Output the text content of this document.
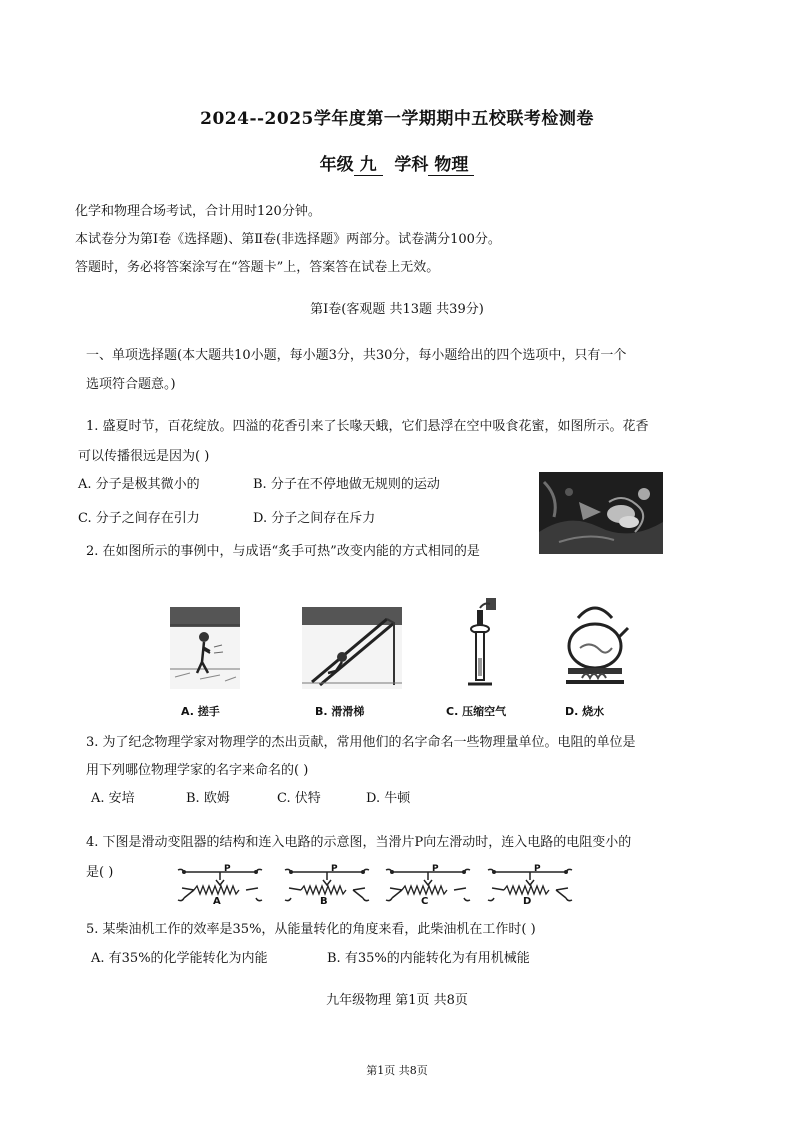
2024--2025学年度第一学期期中五校联考检测卷
年级 九 学科 物理
化学和物理合场考试，合计用时120分钟。
本试卷分为第Ⅰ卷《选择题)、第Ⅱ卷(非选择题》两部分。试卷满分100分。
答题时，务必将答案涂写在“答题卡”上，答案答在试卷上无效。
第Ⅰ卷(客观题 共13题 共39分)
一、单项选择题(本大题共10小题，每小题3分，共30分，每小题给出的四个选项中，只有一个
选项符合题意。)
1. 盛夏时节，百花绽放。四溢的花香引来了长喙天蛾，它们悬浮在空中吸食花蜜，如图所示。花香
可以传播很远是因为( )
A. 分子是极其微小的	B. 分子在不停地做无规则的运动
C. 分子之间存在引力	D. 分子之间存在斥力
2. 在如图所示的事例中，与成语“炙手可热”改变内能的方式相同的是
A. 搓手	B. 滑滑梯	C. 压缩空气	D. 烧水
3. 为了纪念物理学家对物理学的杰出贡献，常用他们的名字命名一些物理量单位。电阻的单位是
用下列哪位物理学家的名字来命名的( )
A. 安培	B. 欧姆	C. 伏特	D. 牛顿
4. 下图是滑动变阻器的结构和连入电路的示意图，当滑片P向左滑动时，连入电路的电阻变小的
是( )	P
A
P
B
P
C
P
D
5. 某柴油机工作的效率是35%，从能量转化的角度来看，此柴油机在工作时( )
A. 有35%的化学能转化为内能	B. 有35%的内能转化为有用机械能
九年级物理 第1页 共8页
第1页 共8页
